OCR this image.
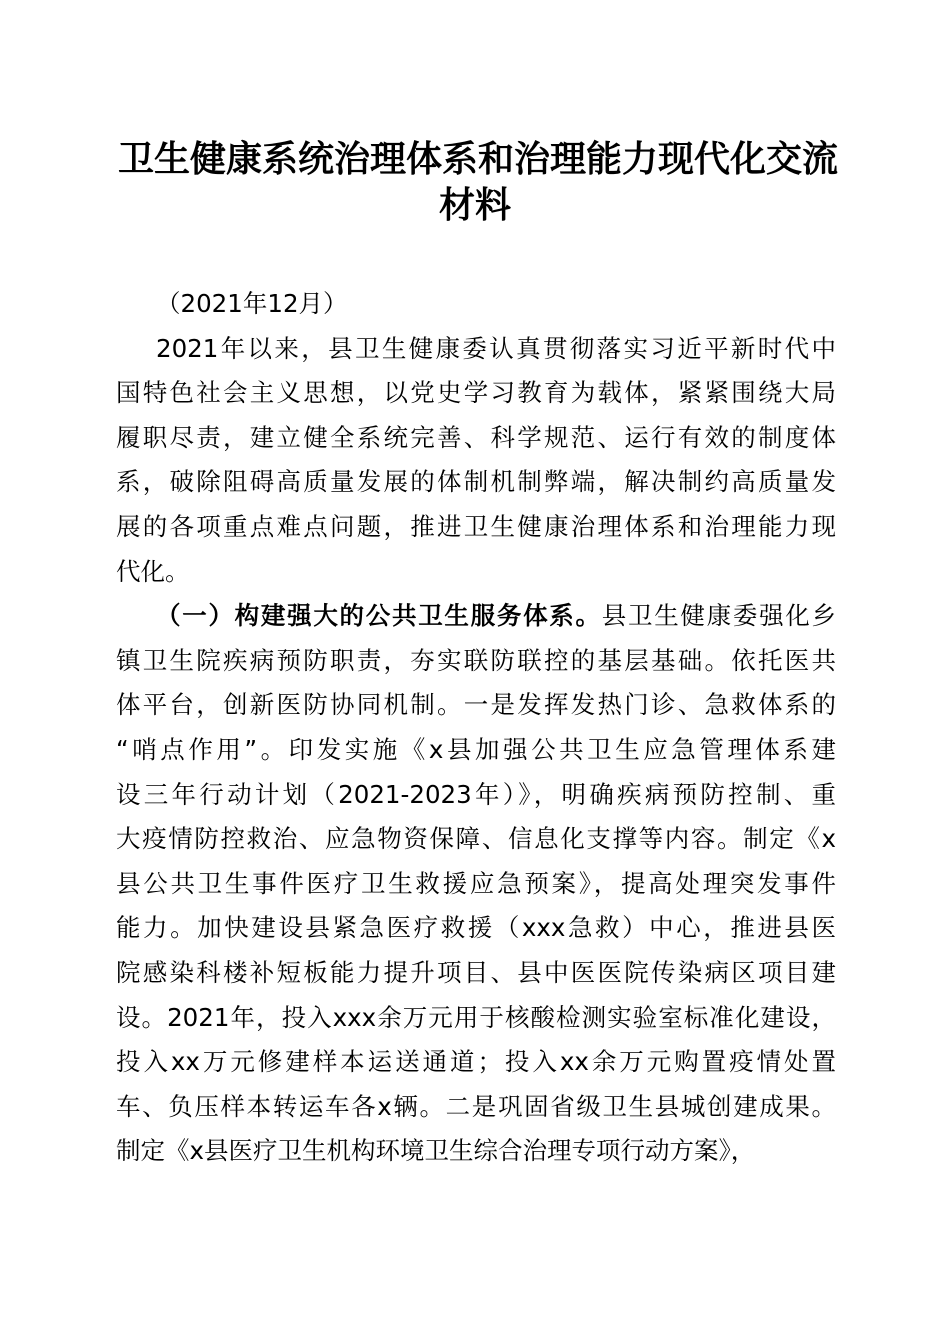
卫生健康系统治理体系和治理能力现代化交流
材料
（2021年12月）
2021年以来，县卫生健康委认真贯彻落实习近平新时代中
国特色社会主义思想，以党史学习教育为载体，紧紧围绕大局
履职尽责，建立健全系统完善、科学规范、运行有效的制度体
系，破除阻碍高质量发展的体制机制弊端，解决制约高质量发
展的各项重点难点问题，推进卫生健康治理体系和治理能力现
代化。
（一）构建强大的公共卫生服务体系。县卫生健康委强化乡
镇卫生院疾病预防职责，夯实联防联控的基层基础。依托医共
体平台，创新医防协同机制。一是发挥发热门诊、急救体系的
“哨点作用”。印发实施《x县加强公共卫生应急管理体系建
设三年行动计划（2021-2023年）》，明确疾病预防控制、重
大疫情防控救治、应急物资保障、信息化支撑等内容。制定《x
县公共卫生事件医疗卫生救援应急预案》，提高处理突发事件
能力。加快建设县紧急医疗救援（xxx急救）中心，推进县医
院感染科楼补短板能力提升项目、县中医医院传染病区项目建
设。2021年，投入xxx余万元用于核酸检测实验室标准化建设，
投入xx万元修建样本运送通道；投入xx余万元购置疫情处置
车、负压样本转运车各x辆。二是巩固省级卫生县城创建成果。
制定《x县医疗卫生机构环境卫生综合治理专项行动方案》，
